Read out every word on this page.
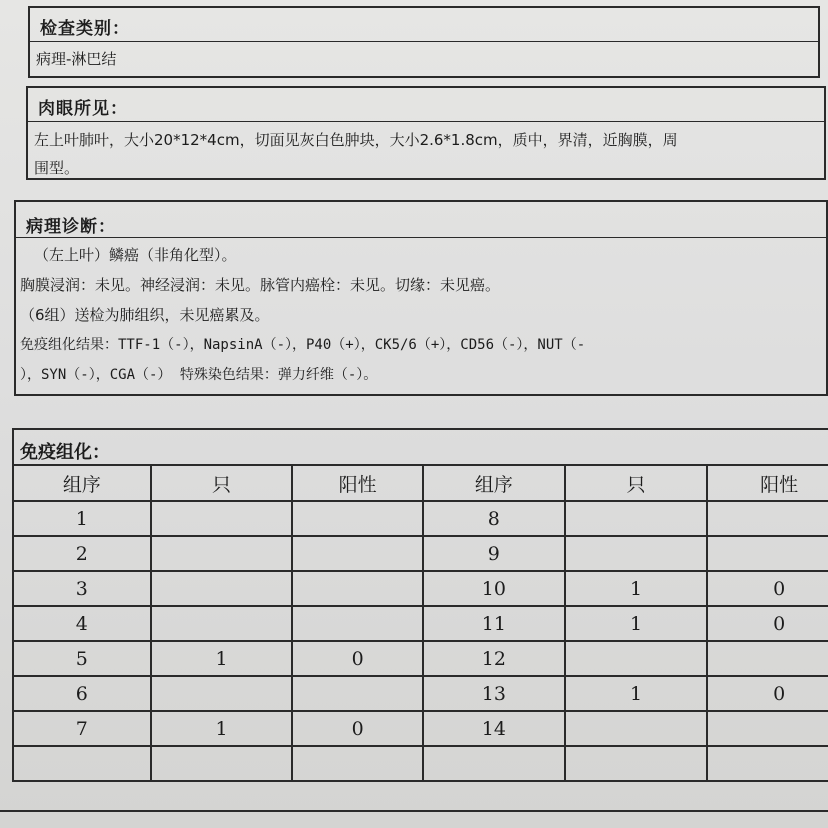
检查类别：
病理-淋巴结
肉眼所见：
左上叶肺叶，大小20*12*4cm，切面见灰白色肿块，大小2.6*1.8cm，质中，界清，近胸膜，周
围型。
病理诊断：
（左上叶）鳞癌（非角化型）。
胸膜浸润：未见。神经浸润：未见。脉管内癌栓：未见。切缘：未见癌。
（6组）送检为肺组织，未见癌累及。
免疫组化结果：TTF-1（-），NapsinA（-），P40（+），CK5/6（+），CD56（-），NUT（-
），SYN（-），CGA（-） 特殊染色结果：弹力纤维（-）。
免疫组化：
组序	只	阳性	组序	只	阳性
1			8		
2			9		
3			10	1	0
4			11	1	0
5	1	0	12		
6			13	1	0
7	1	0	14		
